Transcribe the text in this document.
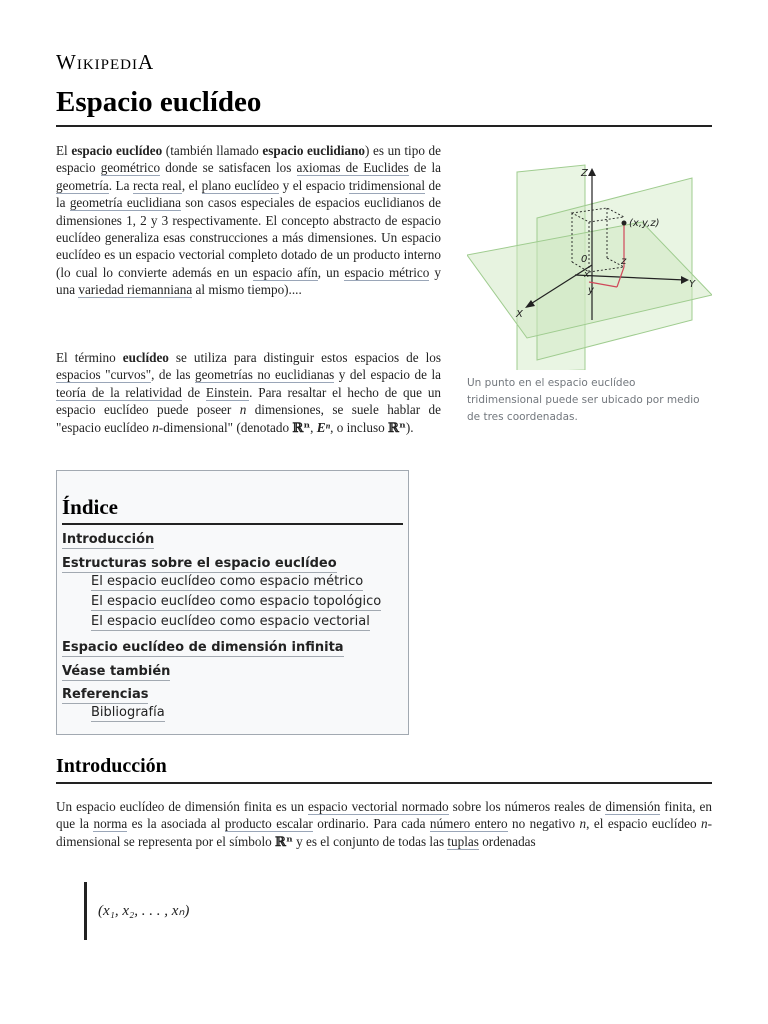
WIKIPEDIA
Espacio euclídeo

El espacio euclídeo (también llamado espacio euclidiano) es un tipo de espacio geométrico donde se satisfacen los axiomas de Euclides de la geometría. La recta real, el plano euclídeo y el espacio tridimensional de la geometría euclidiana son casos especiales de espacios euclidianos de dimensiones 1, 2 y 3 respectivamente. El concepto abstracto de espacio euclídeo generaliza esas construcciones a más dimensiones. Un espacio euclídeo es un espacio vectorial completo dotado de un producto interno (lo cual lo convierte además en un espacio afín, un espacio métrico y una variedad riemanniana al mismo tiempo)....

El término euclídeo se utiliza para distinguir estos espacios de los espacios "curvos", de las geometrías no euclidianas y del espacio de la teoría de la relatividad de Einstein. Para resaltar el hecho de que un espacio euclídeo puede poseer n dimensiones, se suele hablar de "espacio euclídeo n-dimensional" (denotado ℝⁿ, Eⁿ, o incluso ℝⁿ).

Z
Y
X
0
(x,y,z)
x
y
z
Un punto en el espacio euclídeo tridimensional puede ser ubicado por medio de tres coordenadas.
Índice
Introducción
Estructuras sobre el espacio euclídeo
El espacio euclídeo como espacio métrico
El espacio euclídeo como espacio topológico
El espacio euclídeo como espacio vectorial
Espacio euclídeo de dimensión infinita
Véase también
Referencias
Bibliografía
Introducción

Un espacio euclídeo de dimensión finita es un espacio vectorial normado sobre los números reales de dimensión finita, en que la norma es la asociada al producto escalar ordinario. Para cada número entero no negativo n, el espacio euclídeo n-dimensional se representa por el símbolo ℝⁿ y es el conjunto de todas las tuplas ordenadas

(x₁, x₂, . . . , xₙ)
